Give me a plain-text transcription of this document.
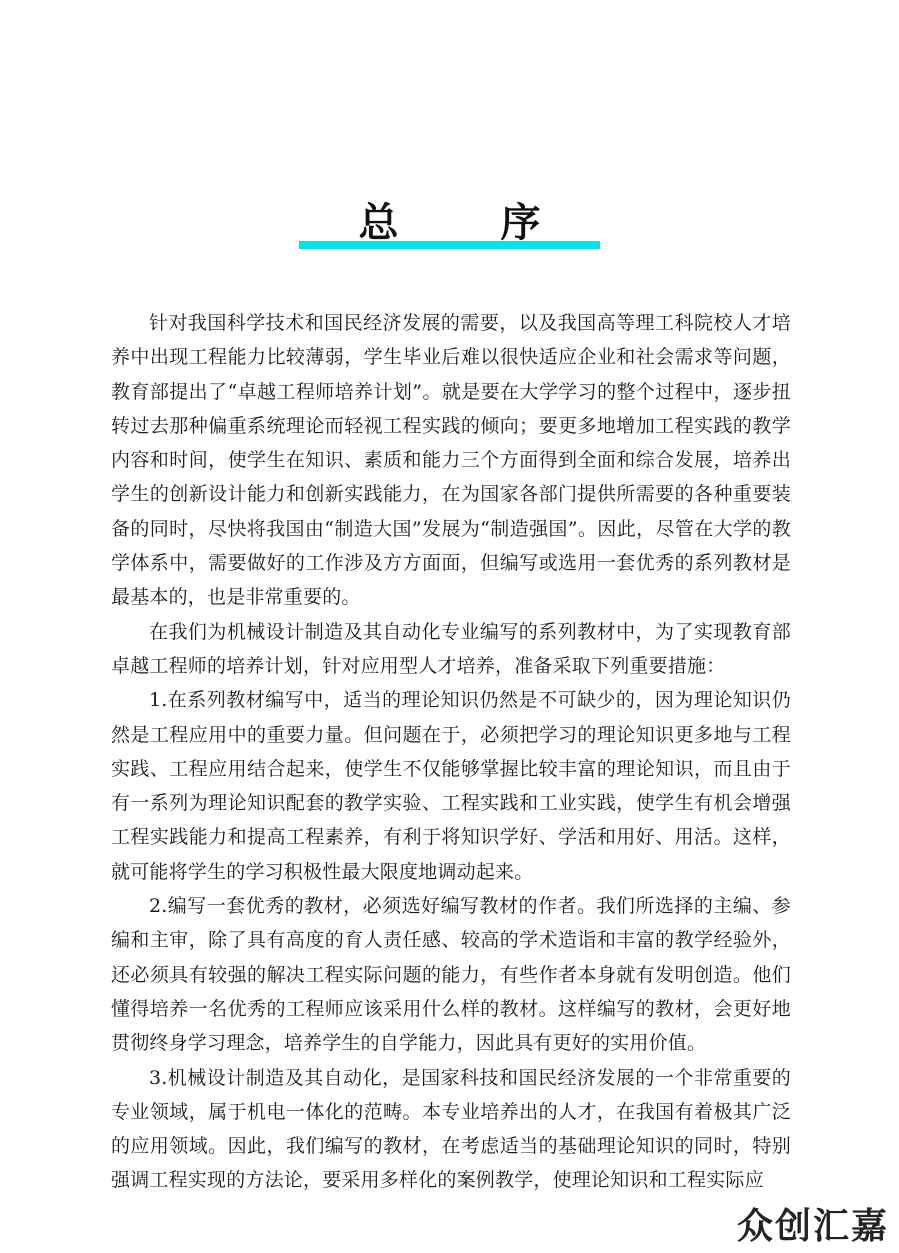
总 序

针对我国科学技术和国民经济发展的需要，以及我国高等理工科院校人才培养中出现工程能力比较薄弱，学生毕业后难以很快适应企业和社会需求等问题，教育部提出了“卓越工程师培养计划”。就是要在大学学习的整个过程中，逐步扭转过去那种偏重系统理论而轻视工程实践的倾向；要更多地增加工程实践的教学内容和时间，使学生在知识、素质和能力三个方面得到全面和综合发展，培养出学生的创新设计能力和创新实践能力，在为国家各部门提供所需要的各种重要装备的同时，尽快将我国由“制造大国”发展为“制造强国”。因此，尽管在大学的教学体系中，需要做好的工作涉及方方面面，但编写或选用一套优秀的系列教材是最基本的，也是非常重要的。

在我们为机械设计制造及其自动化专业编写的系列教材中，为了实现教育部卓越工程师的培养计划，针对应用型人才培养，准备采取下列重要措施：

1.在系列教材编写中，适当的理论知识仍然是不可缺少的，因为理论知识仍然是工程应用中的重要力量。但问题在于，必须把学习的理论知识更多地与工程实践、工程应用结合起来，使学生不仅能够掌握比较丰富的理论知识，而且由于有一系列为理论知识配套的教学实验、工程实践和工业实践，使学生有机会增强工程实践能力和提高工程素养，有利于将知识学好、学活和用好、用活。这样，就可能将学生的学习积极性最大限度地调动起来。

2.编写一套优秀的教材，必须选好编写教材的作者。我们所选择的主编、参编和主审，除了具有高度的育人责任感、较高的学术造诣和丰富的教学经验外，还必须具有较强的解决工程实际问题的能力，有些作者本身就有发明创造。他们懂得培养一名优秀的工程师应该采用什么样的教材。这样编写的教材，会更好地贯彻终身学习理念，培养学生的自学能力，因此具有更好的实用价值。

3.机械设计制造及其自动化，是国家科技和国民经济发展的一个非常重要的专业领域，属于机电一体化的范畴。本专业培养出的人才，在我国有着极其广泛的应用领域。因此，我们编写的教材，在考虑适当的基础理论知识的同时，特别强调工程实现的方法论，要采用多样化的案例教学，使理论知识和工程实际应

众创汇嘉
